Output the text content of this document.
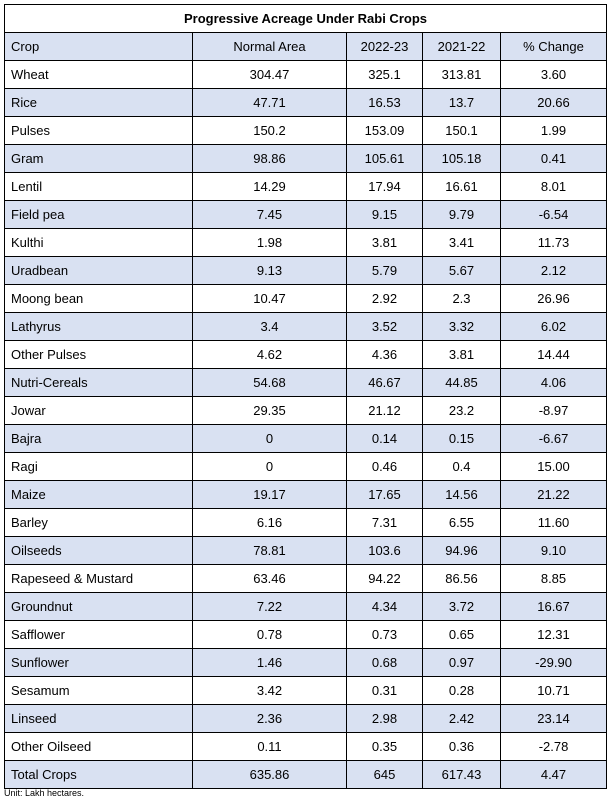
Progressive Acreage Under Rabi Crops				
Crop	Normal Area	2022-23	2021-22	% Change
Wheat	304.47	325.1	313.81	3.60
Rice	47.71	16.53	13.7	20.66
Pulses	150.2	153.09	150.1	1.99
Gram	98.86	105.61	105.18	0.41
Lentil	14.29	17.94	16.61	8.01
Field pea	7.45	9.15	9.79	-6.54
Kulthi	1.98	3.81	3.41	11.73
Uradbean	9.13	5.79	5.67	2.12
Moong bean	10.47	2.92	2.3	26.96
Lathyrus	3.4	3.52	3.32	6.02
Other Pulses	4.62	4.36	3.81	14.44
Nutri-Cereals	54.68	46.67	44.85	4.06
Jowar	29.35	21.12	23.2	-8.97
Bajra	0	0.14	0.15	-6.67
Ragi	0	0.46	0.4	15.00
Maize	19.17	17.65	14.56	21.22
Barley	6.16	7.31	6.55	11.60
Oilseeds	78.81	103.6	94.96	9.10
Rapeseed & Mustard	63.46	94.22	86.56	8.85
Groundnut	7.22	4.34	3.72	16.67
Safflower	0.78	0.73	0.65	12.31
Sunflower	1.46	0.68	0.97	-29.90
Sesamum	3.42	0.31	0.28	10.71
Linseed	2.36	2.98	2.42	23.14
Other Oilseed	0.11	0.35	0.36	-2.78
Total Crops	635.86	645	617.43	4.47
Unit: Lakh hectares.
